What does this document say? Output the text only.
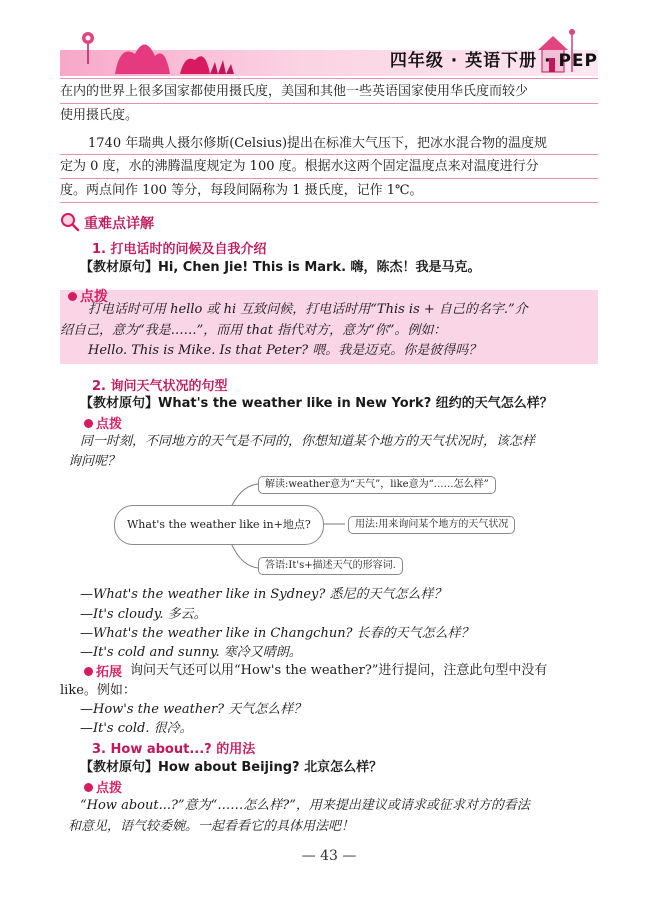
四年级 · 英语下册 · PEP
在内的世界上很多国家都使用摄氏度，美国和其他一些英语国家使用华氏度而较少
使用摄氏度。
1740 年瑞典人摄尔修斯(Celsius)提出在标准大气压下，把冰水混合物的温度规
定为 0 度，水的沸腾温度规定为 100 度。根据水这两个固定温度点来对温度进行分
度。两点间作 100 等分，每段间隔称为 1 摄氏度，记作 1℃。
重难点详解
1. 打电话时的问候及自我介绍
【教材原句】Hi, Chen Jie! This is Mark. 嗨，陈杰！我是马克。
点拨
打电话时可用 hello 或 hi 互致问候，打电话时用“This is + 自己的名字.”介
绍自己，意为“我是……”，而用 that 指代对方，意为“你”。例如：
Hello. This is Mike. Is that Peter? 喂。我是迈克。你是彼得吗？
2. 询问天气状况的句型
【教材原句】What's the weather like in New York? 纽约的天气怎么样？
点拨
同一时刻，不同地方的天气是不同的，你想知道某个地方的天气状况时，该怎样
询问呢？
What's the weather like in+地点?
解读:weather意为“天气”，like意为“……怎么样”
用法:用来询问某个地方的天气状况
答语:It's+描述天气的形容词.
—What's the weather like in Sydney? 悉尼的天气怎么样？
—It's cloudy. 多云。
—What's the weather like in Changchun? 长春的天气怎么样？
—It's cold and sunny. 寒冷又晴朗。
拓展 询问天气还可以用“How's the weather?”进行提问，注意此句型中没有
like。例如：
—How's the weather? 天气怎么样？
—It's cold. 很冷。
3. How about...? 的用法
【教材原句】How about Beijing? 北京怎么样？
点拨
“How about...?”意为“……怎么样?”，用来提出建议或请求或征求对方的看法
和意见，语气较委婉。一起看看它的具体用法吧！
— 43 —
